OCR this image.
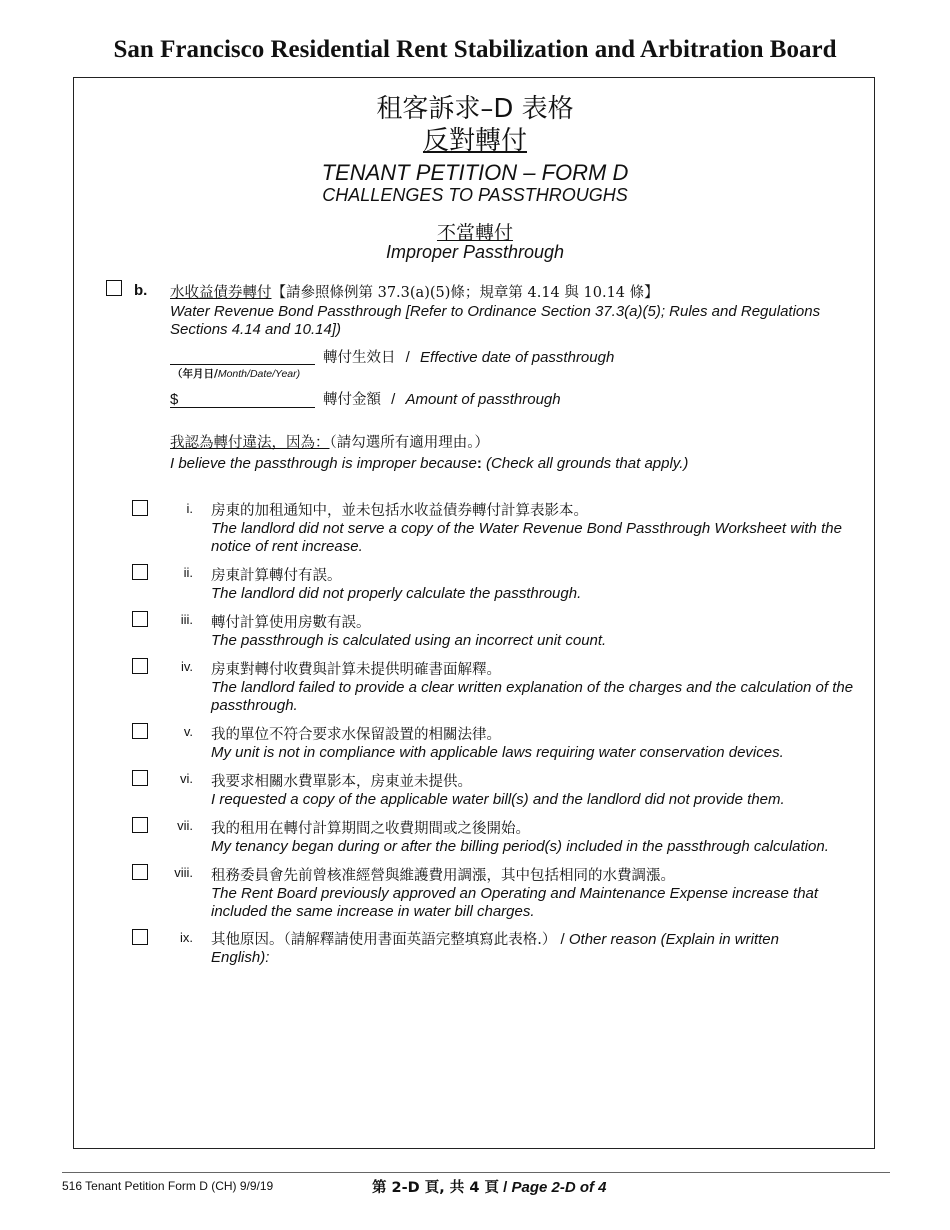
San Francisco Residential Rent Stabilization and Arbitration Board
租客訴求–D 表格
反對轉付
TENANT PETITION – FORM D
CHALLENGES TO PASSTHROUGHS
不當轉付
Improper Passthrough
b. 水收益債券轉付【請參照條例第 37.3(a)(5)條；規章第 4.14 與 10.14 條】
Water Revenue Bond Passthrough [Refer to Ordinance Section 37.3(a)(5); Rules and Regulations Sections 4.14 and 10.14])
轉付生效日 / Effective date of passthrough
（年月日/Month/Date/Year)
$	轉付金額 / Amount of passthrough
我認為轉付違法，因為：（請勾選所有適用理由。）
I believe the passthrough is improper because: (Check all grounds that apply.)
i. 房東的加租通知中，並未包括水收益債券轉付計算表影本。
The landlord did not serve a copy of the Water Revenue Bond Passthrough Worksheet with the notice of rent increase.
ii. 房東計算轉付有誤。
The landlord did not properly calculate the passthrough.
iii. 轉付計算使用房數有誤。
The passthrough is calculated using an incorrect unit count.
iv. 房東對轉付收費與計算未提供明確書面解釋。
The landlord failed to provide a clear written explanation of the charges and the calculation of the passthrough.
v. 我的單位不符合要求水保留設置的相關法律。
My unit is not in compliance with applicable laws requiring water conservation devices.
vi. 我要求相關水費單影本，房東並未提供。
I requested a copy of the applicable water bill(s) and the landlord did not provide them.
vii. 我的租用在轉付計算期間之收費期間或之後開始。
My tenancy began during or after the billing period(s) included in the passthrough calculation.
viii. 租務委員會先前曾核准經營與維護費用調漲，其中包括相同的水費調漲。
The Rent Board previously approved an Operating and Maintenance Expense increase that included the same increase in water bill charges.
ix. 其他原因。（請解釋請使用書面英語完整填寫此表格.） / Other reason (Explain in written English):
516 Tenant Petition Form D (CH) 9/9/19	第 2-D 頁, 共 4 頁 / Page 2-D of 4
